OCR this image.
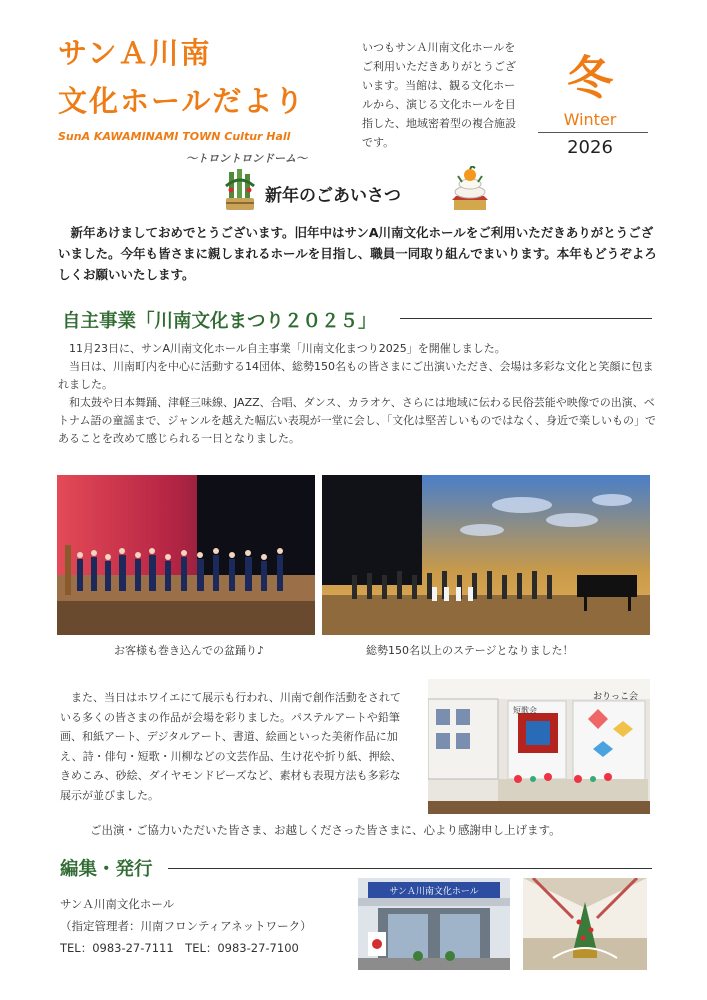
サンＡ川南
文化ホールだより
SunA KAWAMINAMI TOWN Cultur Hall
～トロントロンドーム～
いつもサンＡ川南文化ホールをご利用いただきありがとうございます。当館は、観る文化ホールから、演じる文化ホールを目指した、地域密着型の複合施設です。
冬
Winter
2026
新年のごあいさつ
新年あけましておめでとうございます。旧年中はサンA川南文化ホールをご利用いただきありがとうございました。今年も皆さまに親しまれるホールを目指し、職員一同取り組んでまいります。本年もどうぞよろしくお願いいたします。
自主事業「川南文化まつり２０２５」

11月23日に、サンA川南文化ホール自主事業「川南文化まつり2025」を開催しました。

当日は、川南町内を中心に活動する14団体、総勢150名もの皆さまにご出演いただき、会場は多彩な文化と笑顔に包まれました。

和太鼓や日本舞踊、津軽三味線、JAZZ、合唱、ダンス、カラオケ、さらには地域に伝わる民俗芸能や映像での出演、ベトナム語の童謡まで、ジャンルを越えた幅広い表現が一堂に会し、「文化は堅苦しいものではなく、身近で楽しいもの」であることを改めて感じられる一日となりました。

お客様も巻き込んでの盆踊り♪	総勢150名以上のステージとなりました！

また、当日はホワイエにて展示も行われ、川南で創作活動をされている多くの皆さまの作品が会場を彩りました。パステルアートや鉛筆画、和紙アート、デジタルアート、書道、絵画といった美術作品に加え、詩・俳句・短歌・川柳などの文芸作品、生け花や折り紙、押絵、きめこみ、砂絵、ダイヤモンドビーズなど、素材も表現方法も多彩な展示が並びました。

短歌会
おりっこ会
ご出演・ご協力いただいた皆さま、お越しくださった皆さまに、心より感謝申し上げます。
編集・発行
サンＡ川南文化ホール
（指定管理者：川南フロンティアネットワーク）
TEL：0983-27-7111　TEL：0983-27-7100
サンＡ川南文化ホール
